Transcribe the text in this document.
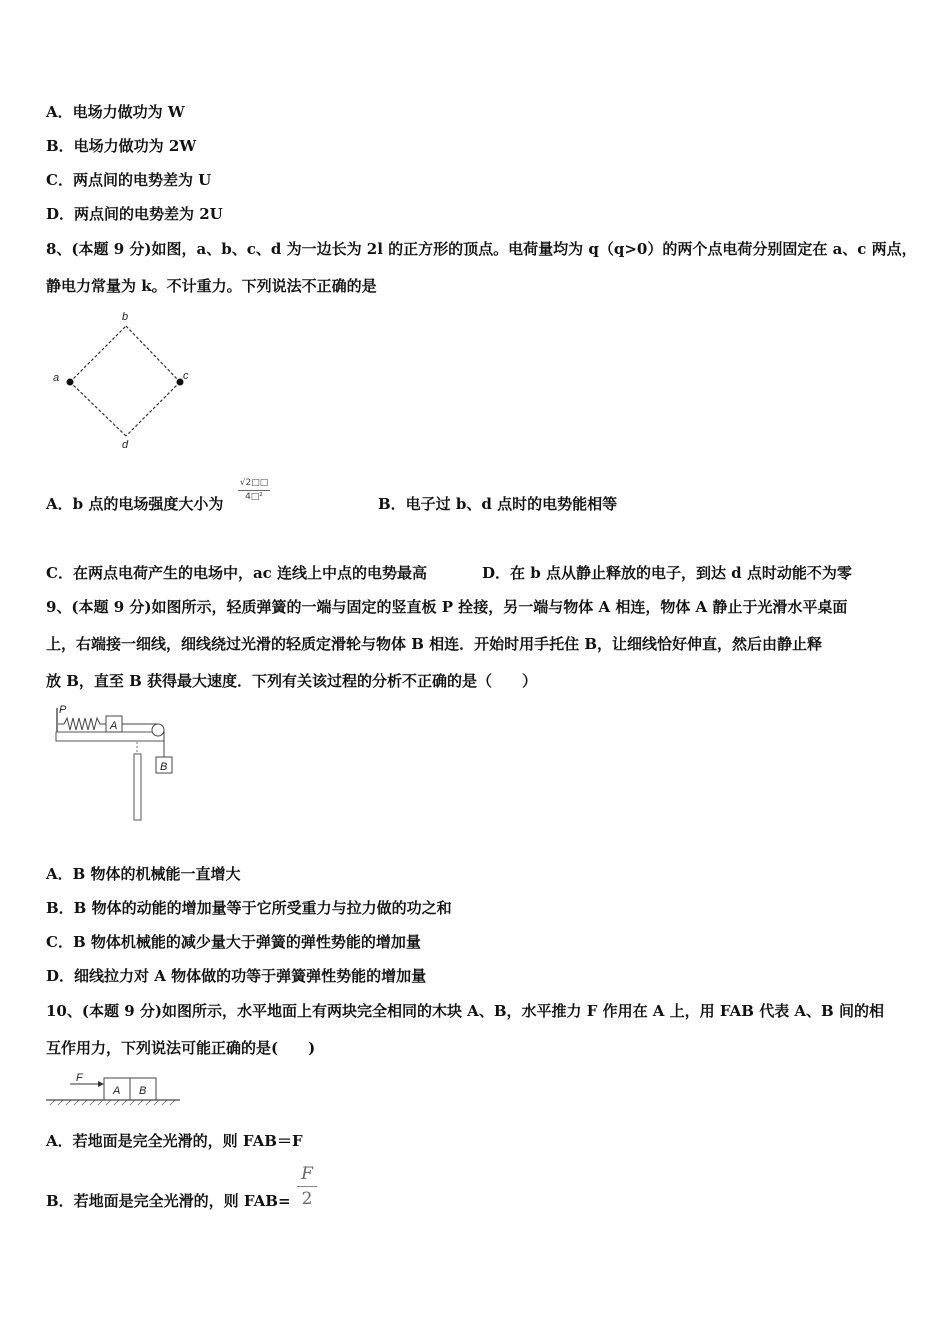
A．电场力做功为 W
B．电场力做功为 2W
C．两点间的电势差为 U
D．两点间的电势差为 2U
8、(本题 9 分)如图，a、b、c、d 为一边长为 2l 的正方形的顶点。电荷量均为 q（q>0）的两个点电荷分别固定在 a、c 两点，
静电力常量为 k。不计重力。下列说法不正确的是
b
a	c
d
A．b 点的电场强度大小为
√2□□
4□²	B．电子过 b、d 点时的电势能相等
C．在两点电荷产生的电场中，ac 连线上中点的电势最高	D．在 b 点从静止释放的电子，到达 d 点时动能不为零
9、(本题 9 分)如图所示，轻质弹簧的一端与固定的竖直板 P 拴接，另一端与物体 A 相连，物体 A 静止于光滑水平桌面
上，右端接一细线，细线绕过光滑的轻质定滑轮与物体 B 相连．开始时用手托住 B，让细线恰好伸直，然后由静止释
放 B，直至 B 获得最大速度．下列有关该过程的分析不正确的是（　　）
P
A
B
A．B 物体的机械能一直增大
B．B 物体的动能的增加量等于它所受重力与拉力做的功之和
C．B 物体机械能的减少量大于弹簧的弹性势能的增加量
D．细线拉力对 A 物体做的功等于弹簧弹性势能的增加量
10、(本题 9 分)如图所示，水平地面上有两块完全相同的木块 A、B，水平推力 F 作用在 A 上，用 FAB 代表 A、B 间的相
互作用力，下列说法可能正确的是(　　)
F
A B
A．若地面是完全光滑的，则 FAB＝F
B．若地面是完全光滑的，则 FAB=
F
2
